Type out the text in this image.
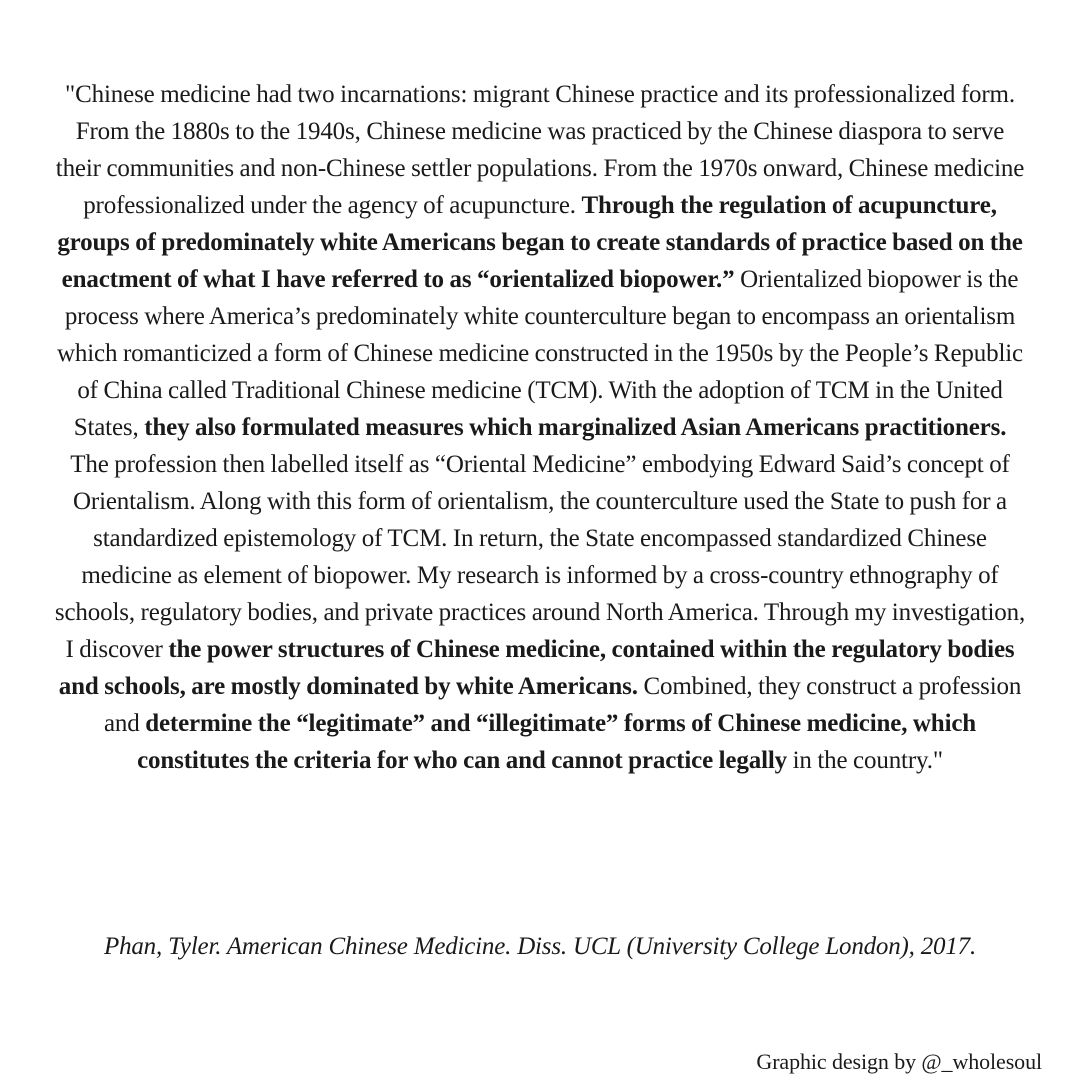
"Chinese medicine had two incarnations: migrant Chinese practice and its professionalized form. From the 1880s to the 1940s, Chinese medicine was practiced by the Chinese diaspora to serve their communities and non-Chinese settler populations. From the 1970s onward, Chinese medicine professionalized under the agency of acupuncture. Through the regulation of acupuncture, groups of predominately white Americans began to create standards of practice based on the enactment of what I have referred to as “orientalized biopower.” Orientalized biopower is the process where America’s predominately white counterculture began to encompass an orientalism which romanticized a form of Chinese medicine constructed in the 1950s by the People’s Republic of China called Traditional Chinese medicine (TCM). With the adoption of TCM in the United States, they also formulated measures which marginalized Asian Americans practitioners. The profession then labelled itself as “Oriental Medicine” embodying Edward Said’s concept of Orientalism. Along with this form of orientalism, the counterculture used the State to push for a standardized epistemology of TCM. In return, the State encompassed standardized Chinese medicine as element of biopower. My research is informed by a cross-country ethnography of schools, regulatory bodies, and private practices around North America. Through my investigation, I discover the power structures of Chinese medicine, contained within the regulatory bodies and schools, are mostly dominated by white Americans. Combined, they construct a profession and determine the “legitimate” and “illegitimate” forms of Chinese medicine, which constitutes the criteria for who can and cannot practice legally in the country."
Phan, Tyler. American Chinese Medicine. Diss. UCL (University College London), 2017.
Graphic design by @_wholesoul
